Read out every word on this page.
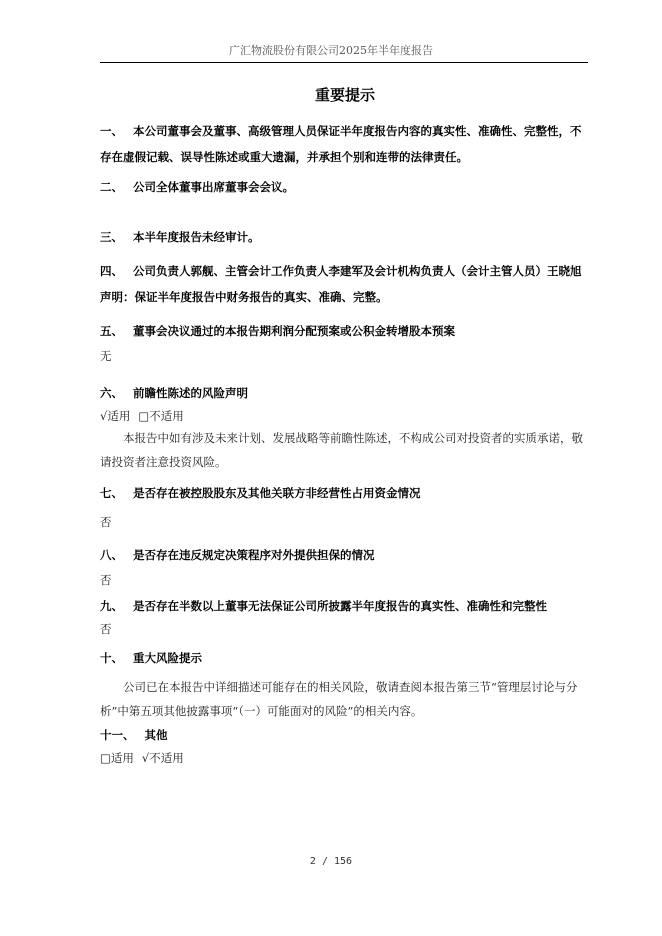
广汇物流股份有限公司2025年半年度报告
重要提示
一、 本公司董事会及董事、高级管理人员保证半年度报告内容的真实性、准确性、完整性，不存在虚假记载、误导性陈述或重大遗漏，并承担个别和连带的法律责任。
二、 公司全体董事出席董事会会议。
三、 本半年度报告未经审计。
四、 公司负责人郭舰、主管会计工作负责人李建军及会计机构负责人（会计主管人员）王晓旭声明：保证半年度报告中财务报告的真实、准确、完整。
五、 董事会决议通过的本报告期利润分配预案或公积金转增股本预案
无
六、 前瞻性陈述的风险声明
√适用 □不适用
本报告中如有涉及未来计划、发展战略等前瞻性陈述，不构成公司对投资者的实质承诺，敬请投资者注意投资风险。
七、 是否存在被控股股东及其他关联方非经营性占用资金情况
否
八、 是否存在违反规定决策程序对外提供担保的情况
否
九、 是否存在半数以上董事无法保证公司所披露半年度报告的真实性、准确性和完整性
否
十、 重大风险提示
公司已在本报告中详细描述可能存在的相关风险，敬请查阅本报告第三节“管理层讨论与分析”中第五项其他披露事项“（一）可能面对的风险”的相关内容。
十一、 其他
□适用 √不适用
2 / 156
